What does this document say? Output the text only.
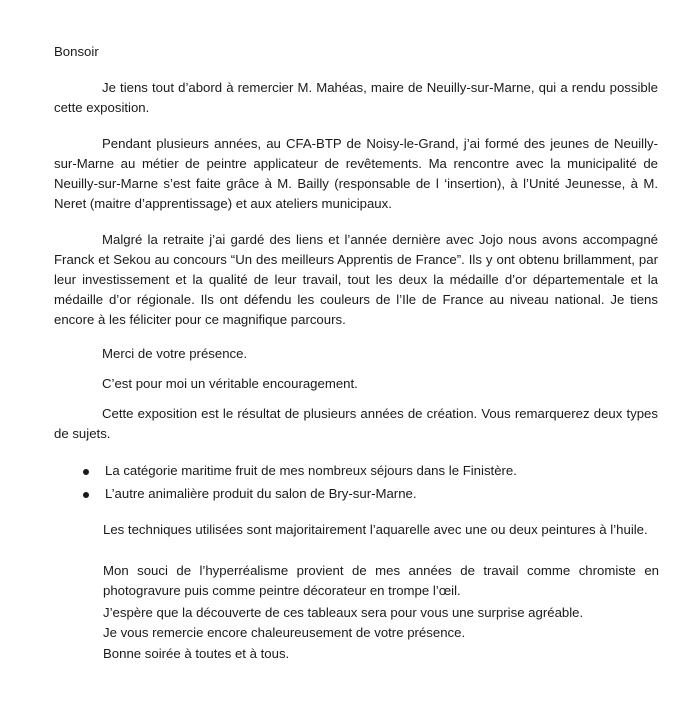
Bonsoir

Je tiens tout d’abord à remercier M. Mahéas, maire de Neuilly-sur-Marne, qui a rendu possible cette exposition.

Pendant plusieurs années, au CFA-BTP de Noisy-le-Grand, j’ai formé des jeunes de Neuilly-sur-Marne au métier de peintre applicateur de revêtements. Ma rencontre avec la municipalité de Neuilly-sur-Marne s’est faite grâce à M. Bailly (responsable de l ‘insertion), à l’Unité Jeunesse, à M. Neret (maitre d’apprentissage) et aux ateliers municipaux.

Malgré la retraite j’ai gardé des liens et l’année dernière avec Jojo nous avons accompagné Franck et Sekou au concours “Un des meilleurs Apprentis de France”. Ils y ont obtenu brillamment, par leur investissement et la qualité de leur travail, tout les deux la médaille d’or départementale et la médaille d’or régionale. Ils ont défendu les couleurs de l’Ile de France au niveau national. Je tiens encore à les féliciter pour ce magnifique parcours.

Merci de votre présence.
C’est pour moi un véritable encouragement.

Cette exposition est le résultat de plusieurs années de création. Vous remarquerez deux types de sujets.

La catégorie maritime fruit de mes nombreux séjours dans le Finistère.
L’autre animalière produit du salon de Bry-sur-Marne.

Les techniques utilisées sont majoritairement l’aquarelle avec une ou deux peintures à l’huile.

Mon souci de l’hyperréalisme provient de mes années de travail comme chromiste en photogravure puis comme peintre décorateur en trompe l’œil.

J’espère que la découverte de ces tableaux sera pour vous une surprise agréable.
Je vous remercie encore chaleureusement de votre présence.
Bonne soirée à toutes et à tous.
